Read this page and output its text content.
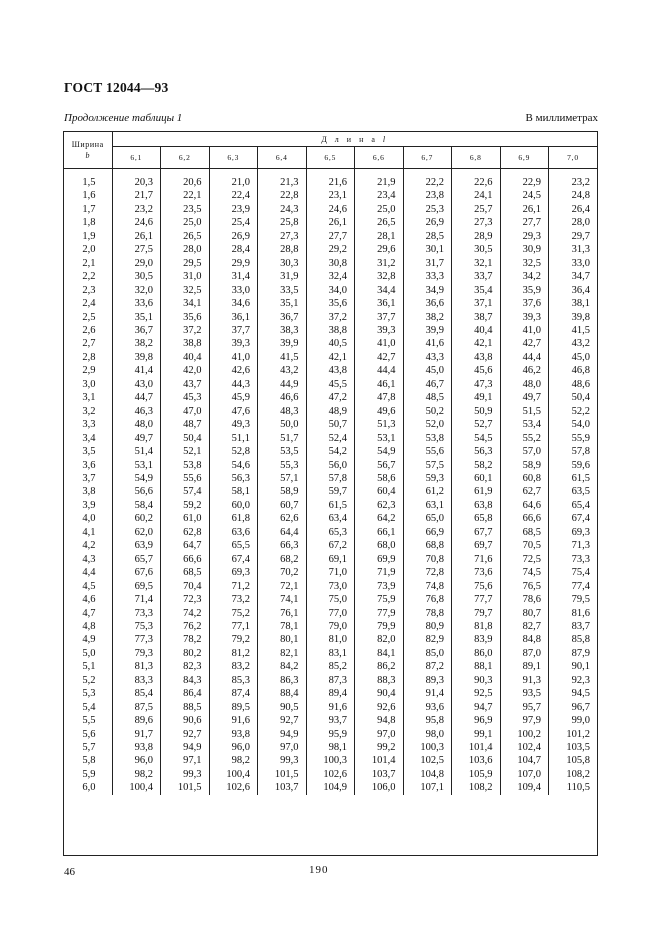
ГОСТ 12044—93
Продолжение таблицы 1	В миллиметрах
Ширина
b	Д л и н а l									
	6,1	6,2	6,3	6,4	6,5	6,6	6,7	6,8	6,9	7,0

1,5	20,3	20,6	21,0	21,3	21,6	21,9	22,2	22,6	22,9	23,2
1,6	21,7	22,1	22,4	22,8	23,1	23,4	23,8	24,1	24,5	24,8
1,7	23,2	23,5	23,9	24,3	24,6	25,0	25,3	25,7	26,1	26,4
1,8	24,6	25,0	25,4	25,8	26,1	26,5	26,9	27,3	27,7	28,0
1,9	26,1	26,5	26,9	27,3	27,7	28,1	28,5	28,9	29,3	29,7
2,0	27,5	28,0	28,4	28,8	29,2	29,6	30,1	30,5	30,9	31,3
2,1	29,0	29,5	29,9	30,3	30,8	31,2	31,7	32,1	32,5	33,0
2,2	30,5	31,0	31,4	31,9	32,4	32,8	33,3	33,7	34,2	34,7
2,3	32,0	32,5	33,0	33,5	34,0	34,4	34,9	35,4	35,9	36,4
2,4	33,6	34,1	34,6	35,1	35,6	36,1	36,6	37,1	37,6	38,1
2,5	35,1	35,6	36,1	36,7	37,2	37,7	38,2	38,7	39,3	39,8
2,6	36,7	37,2	37,7	38,3	38,8	39,3	39,9	40,4	41,0	41,5
2,7	38,2	38,8	39,3	39,9	40,5	41,0	41,6	42,1	42,7	43,2
2,8	39,8	40,4	41,0	41,5	42,1	42,7	43,3	43,8	44,4	45,0
2,9	41,4	42,0	42,6	43,2	43,8	44,4	45,0	45,6	46,2	46,8
3,0	43,0	43,7	44,3	44,9	45,5	46,1	46,7	47,3	48,0	48,6
3,1	44,7	45,3	45,9	46,6	47,2	47,8	48,5	49,1	49,7	50,4
3,2	46,3	47,0	47,6	48,3	48,9	49,6	50,2	50,9	51,5	52,2
3,3	48,0	48,7	49,3	50,0	50,7	51,3	52,0	52,7	53,4	54,0
3,4	49,7	50,4	51,1	51,7	52,4	53,1	53,8	54,5	55,2	55,9
3,5	51,4	52,1	52,8	53,5	54,2	54,9	55,6	56,3	57,0	57,8
3,6	53,1	53,8	54,6	55,3	56,0	56,7	57,5	58,2	58,9	59,6
3,7	54,9	55,6	56,3	57,1	57,8	58,6	59,3	60,1	60,8	61,5
3,8	56,6	57,4	58,1	58,9	59,7	60,4	61,2	61,9	62,7	63,5
3,9	58,4	59,2	60,0	60,7	61,5	62,3	63,1	63,8	64,6	65,4
4,0	60,2	61,0	61,8	62,6	63,4	64,2	65,0	65,8	66,6	67,4
4,1	62,0	62,8	63,6	64,4	65,3	66,1	66,9	67,7	68,5	69,3
4,2	63,9	64,7	65,5	66,3	67,2	68,0	68,8	69,7	70,5	71,3
4,3	65,7	66,6	67,4	68,2	69,1	69,9	70,8	71,6	72,5	73,3
4,4	67,6	68,5	69,3	70,2	71,0	71,9	72,8	73,6	74,5	75,4
4,5	69,5	70,4	71,2	72,1	73,0	73,9	74,8	75,6	76,5	77,4
4,6	71,4	72,3	73,2	74,1	75,0	75,9	76,8	77,7	78,6	79,5
4,7	73,3	74,2	75,2	76,1	77,0	77,9	78,8	79,7	80,7	81,6
4,8	75,3	76,2	77,1	78,1	79,0	79,9	80,9	81,8	82,7	83,7
4,9	77,3	78,2	79,2	80,1	81,0	82,0	82,9	83,9	84,8	85,8
5,0	79,3	80,2	81,2	82,1	83,1	84,1	85,0	86,0	87,0	87,9
5,1	81,3	82,3	83,2	84,2	85,2	86,2	87,2	88,1	89,1	90,1
5,2	83,3	84,3	85,3	86,3	87,3	88,3	89,3	90,3	91,3	92,3
5,3	85,4	86,4	87,4	88,4	89,4	90,4	91,4	92,5	93,5	94,5
5,4	87,5	88,5	89,5	90,5	91,6	92,6	93,6	94,7	95,7	96,7
5,5	89,6	90,6	91,6	92,7	93,7	94,8	95,8	96,9	97,9	99,0
5,6	91,7	92,7	93,8	94,9	95,9	97,0	98,0	99,1	100,2	101,2
5,7	93,8	94,9	96,0	97,0	98,1	99,2	100,3	101,4	102,4	103,5
5,8	96,0	97,1	98,2	99,3	100,3	101,4	102,5	103,6	104,7	105,8
5,9	98,2	99,3	100,4	101,5	102,6	103,7	104,8	105,9	107,0	108,2
6,0	100,4	101,5	102,6	103,7	104,9	106,0	107,1	108,2	109,4	110,5
46	190
